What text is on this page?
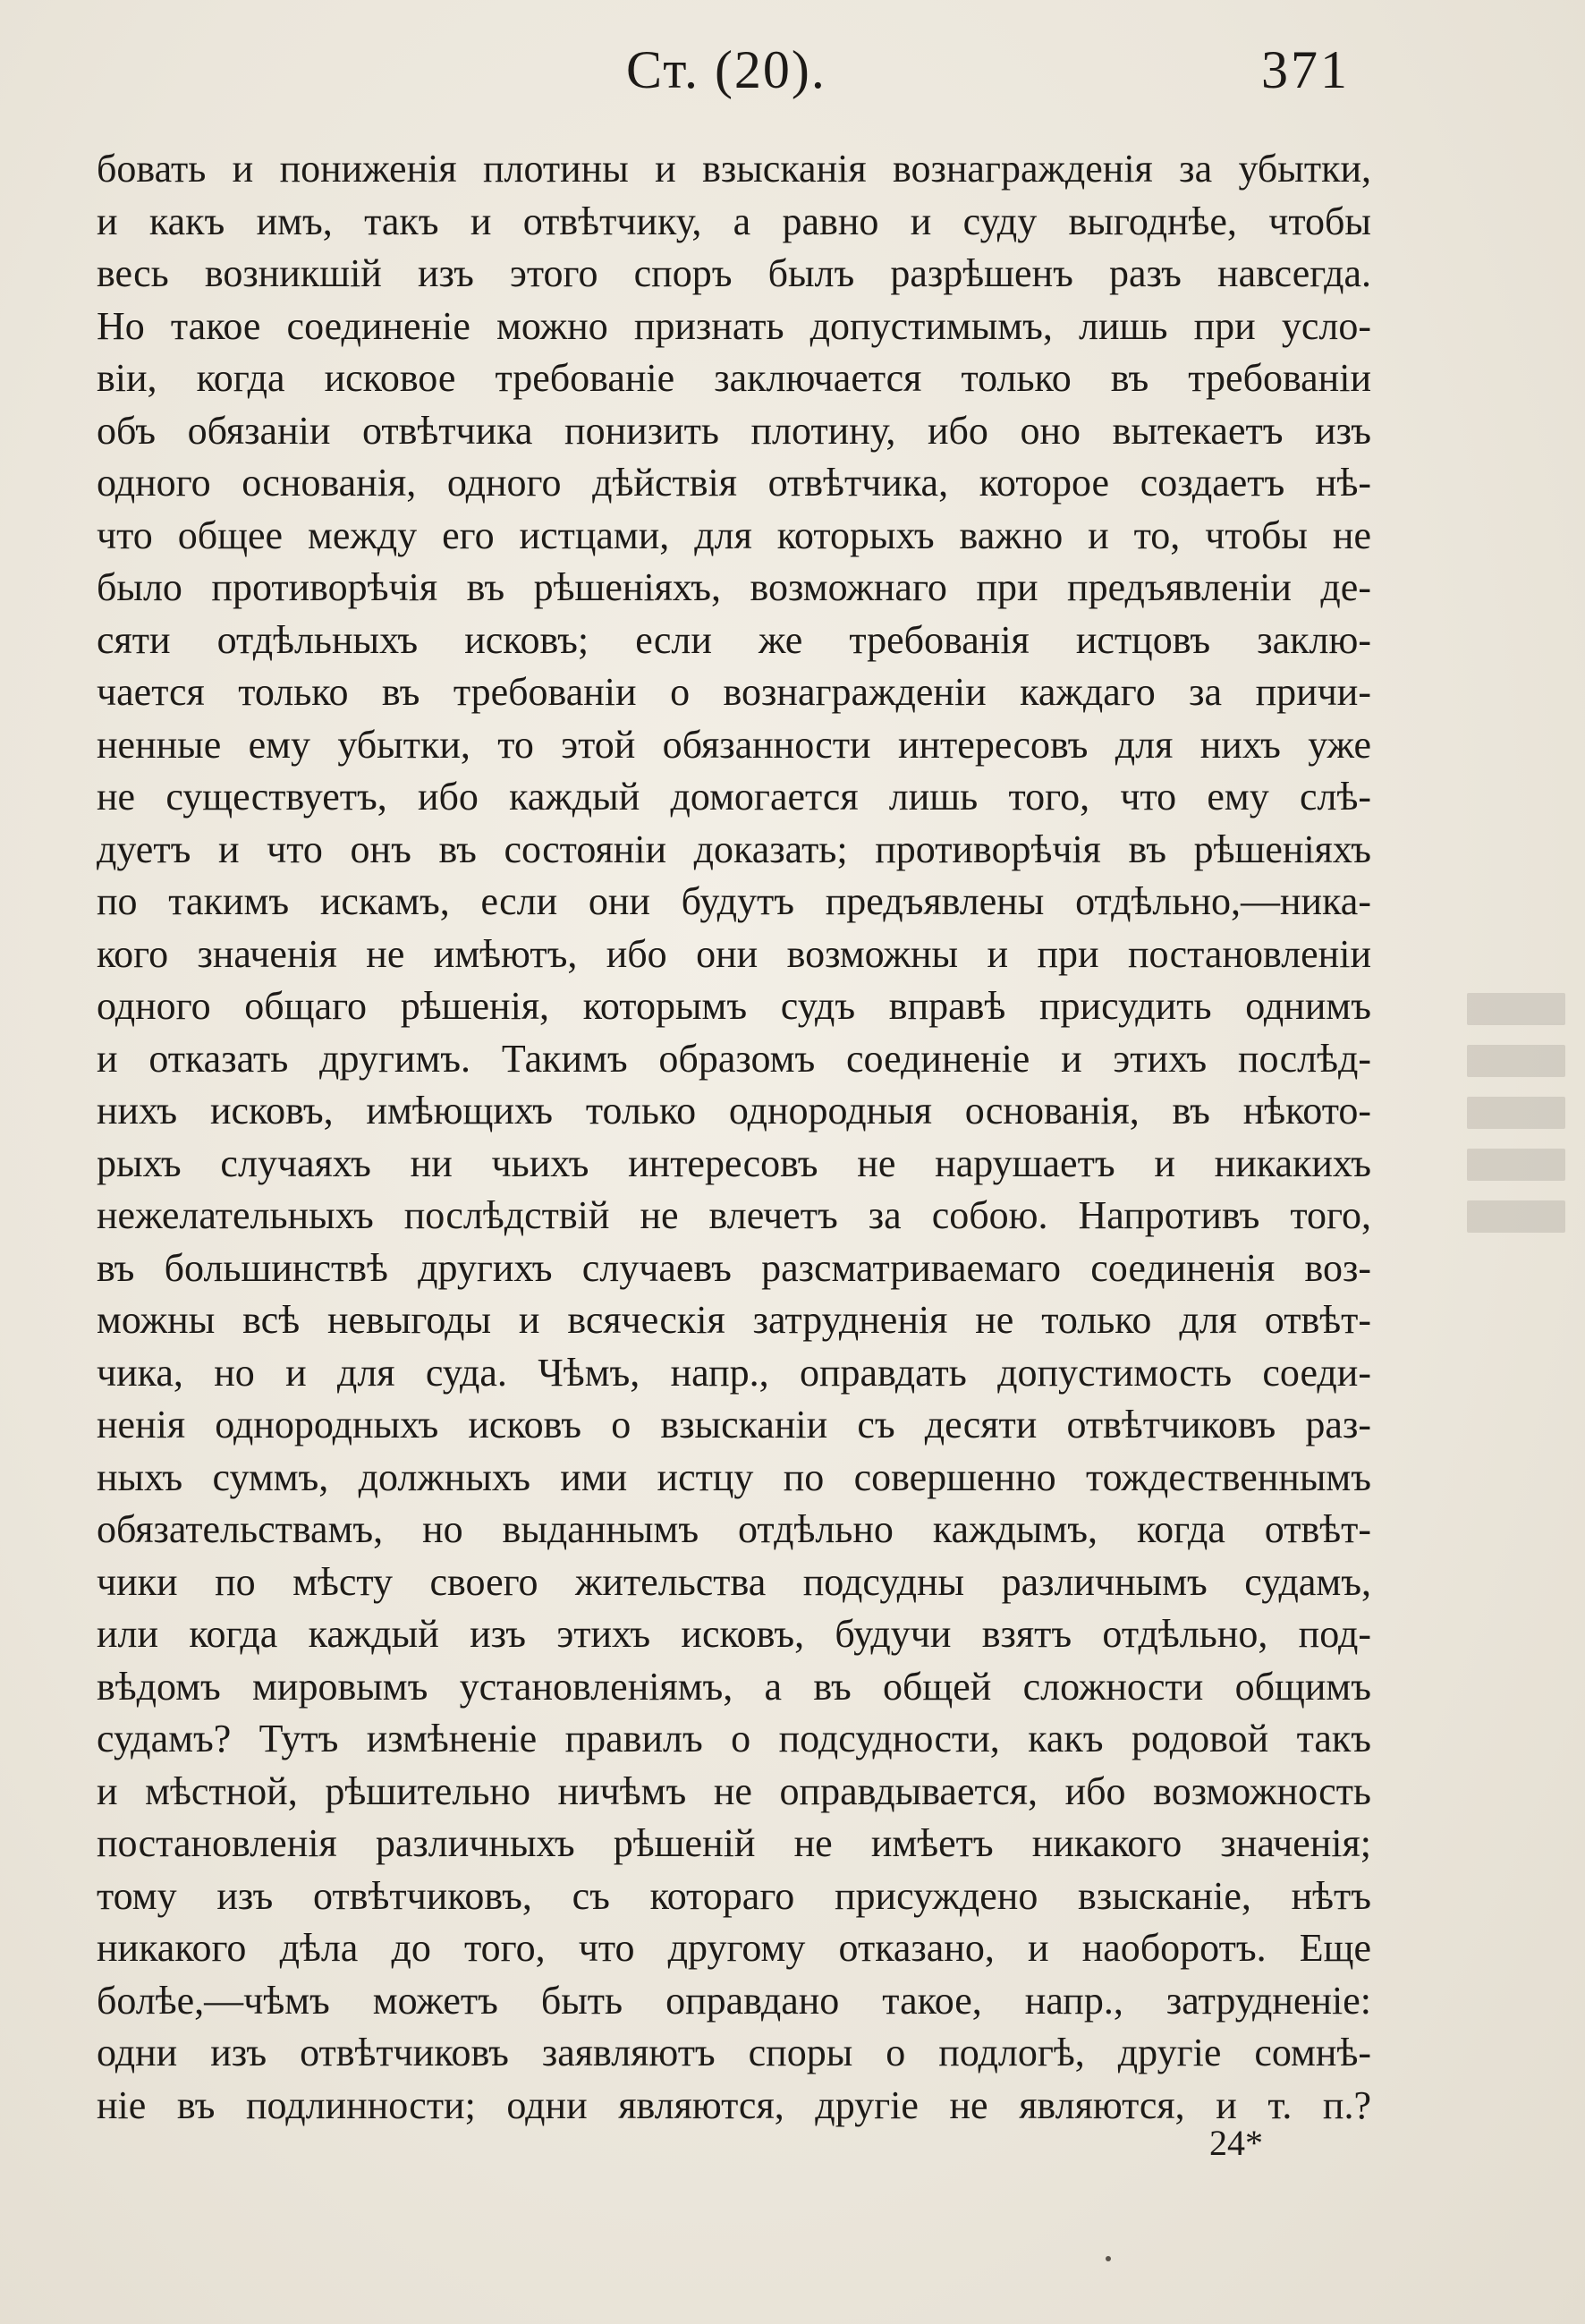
Ст. (20).	371
бовать и пониженія плотины и взысканія вознагражденія за убытки,
и какъ имъ, такъ и отвѣтчику, а равно и суду выгоднѣе, чтобы
весь возникшій изъ этого споръ былъ разрѣшенъ разъ навсегда.
Но такое соединеніе можно признать допустимымъ, лишь при усло-
віи, когда исковое требованіе заключается только въ требованіи
объ обязаніи отвѣтчика понизить плотину, ибо оно вытекаетъ изъ
одного основанія, одного дѣйствія отвѣтчика, которое создаетъ нѣ-
что общее между его истцами, для которыхъ важно и то, чтобы не
было противорѣчія въ рѣшеніяхъ, возможнаго при предъявленіи де-
сяти отдѣльныхъ исковъ; если же требованія истцовъ заклю-
чается только въ требованіи о вознагражденіи каждаго за причи-
ненные ему убытки, то этой обязанности интересовъ для нихъ уже
не существуетъ, ибо каждый домогается лишь того, что ему слѣ-
дуетъ и что онъ въ состояніи доказать; противорѣчія въ рѣшеніяхъ
по такимъ искамъ, если они будутъ предъявлены отдѣльно,—ника-
кого значенія не имѣютъ, ибо они возможны и при постановленіи
одного общаго рѣшенія, которымъ судъ вправѣ присудить однимъ
и отказать другимъ. Такимъ образомъ соединеніе и этихъ послѣд-
нихъ исковъ, имѣющихъ только однородныя основанія, въ нѣкото-
рыхъ случаяхъ ни чьихъ интересовъ не нарушаетъ и никакихъ
нежелательныхъ послѣдствій не влечетъ за собою. Напротивъ того,
въ большинствѣ другихъ случаевъ разсматриваемаго соединенія воз-
можны всѣ невыгоды и всяческія затрудненія не только для отвѣт-
чика, но и для суда. Чѣмъ, напр., оправдать допустимость соеди-
ненія однородныхъ исковъ о взысканіи съ десяти отвѣтчиковъ раз-
ныхъ суммъ, должныхъ ими истцу по совершенно тождественнымъ
обязательствамъ, но выданнымъ отдѣльно каждымъ, когда отвѣт-
чики по мѣсту своего жительства подсудны различнымъ судамъ,
или когда каждый изъ этихъ исковъ, будучи взятъ отдѣльно, под-
вѣдомъ мировымъ установленіямъ, а въ общей сложности общимъ
судамъ? Тутъ измѣненіе правилъ о подсудности, какъ родовой такъ
и мѣстной, рѣшительно ничѣмъ не оправдывается, ибо возможность
постановленія различныхъ рѣшеній не имѣетъ никакого значенія;
тому изъ отвѣтчиковъ, съ котораго присуждено взысканіе, нѣтъ
никакого дѣла до того, что другому отказано, и наоборотъ. Еще
болѣе,—чѣмъ можетъ быть оправдано такое, напр., затрудненіе:
одни изъ отвѣтчиковъ заявляютъ споры о подлогѣ, другіе сомнѣ-
ніе въ подлинности; одни являются, другіе не являются, и т. п.?
24*
